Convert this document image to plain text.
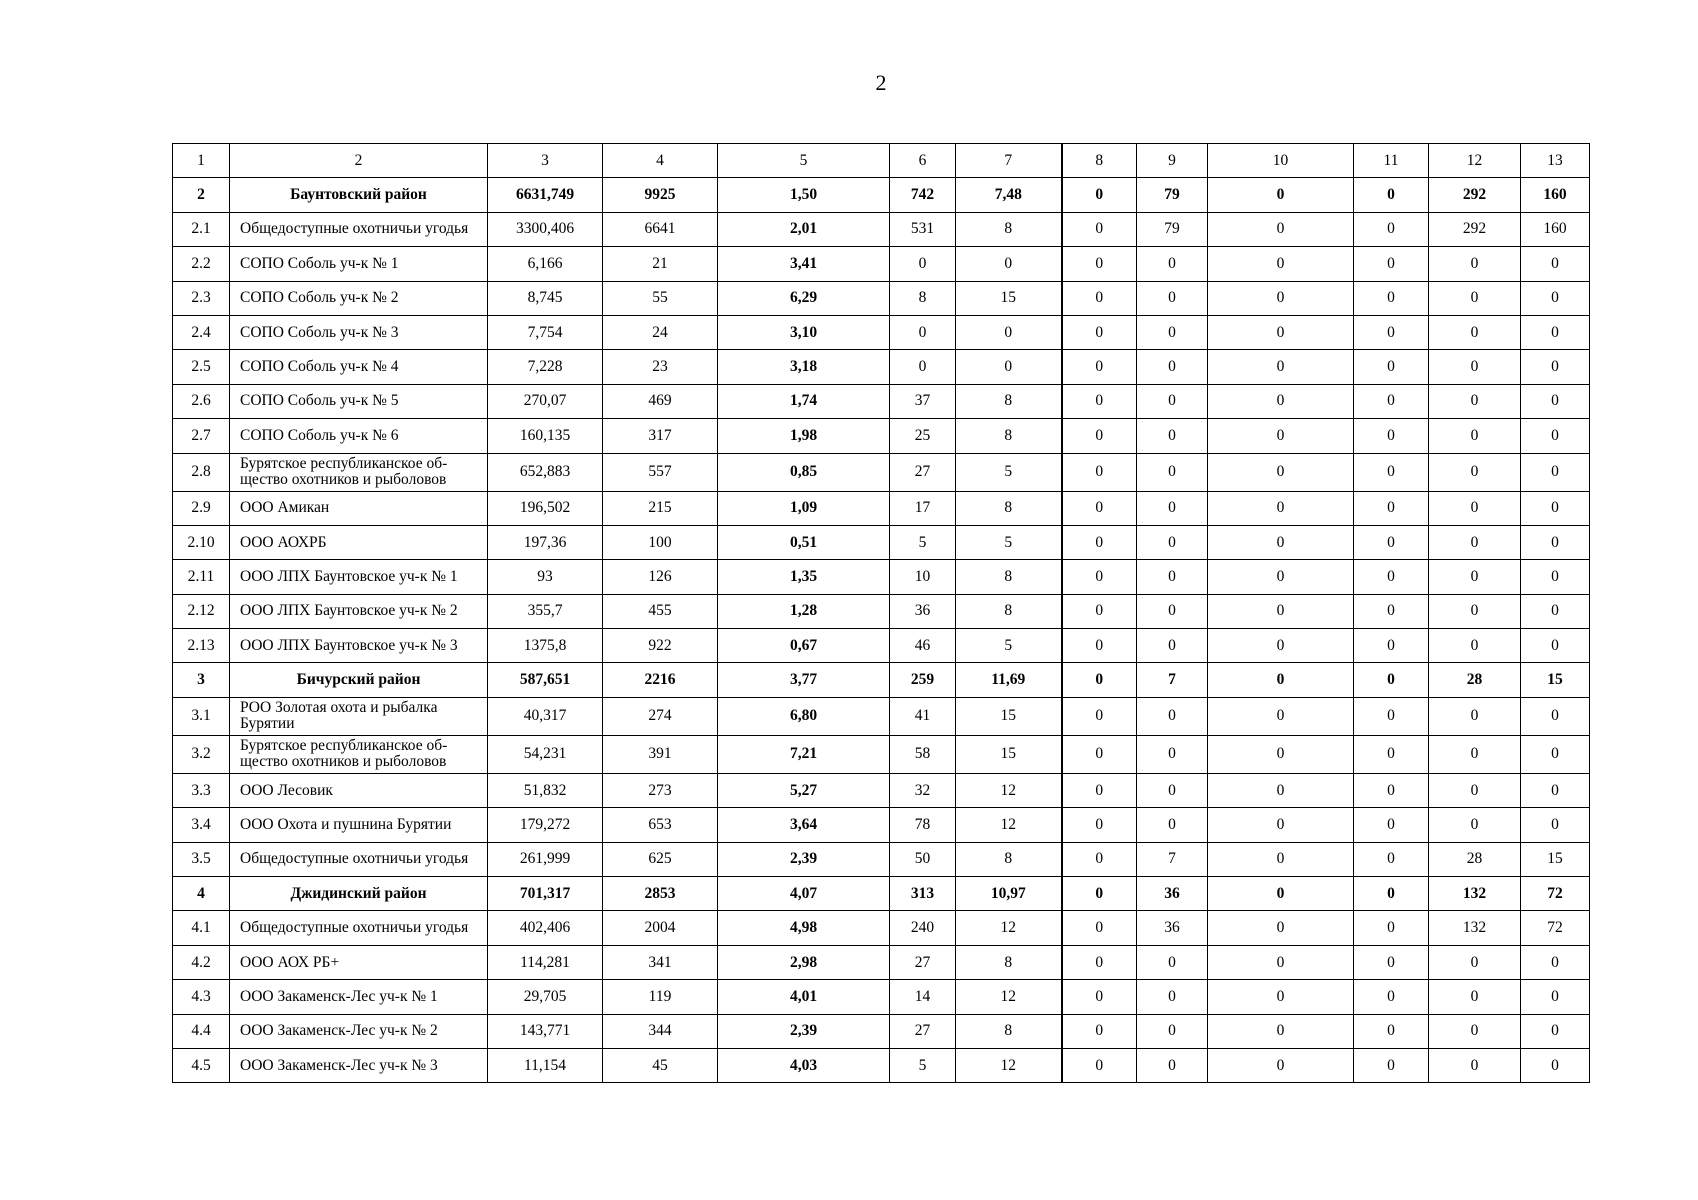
2
1	2	3	4	5	6	7	8	9	10	11	12	13
2	Баунтовский район	6631,749	9925	1,50	742	7,48	0	79	0	0	292	160
2.1	Общедоступные охотничьи угодья	3300,406	6641	2,01	531	8	0	79	0	0	292	160
2.2	СОПО Соболь уч-к № 1	6,166	21	3,41	0	0	0	0	0	0	0	0
2.3	СОПО Соболь уч-к № 2	8,745	55	6,29	8	15	0	0	0	0	0	0
2.4	СОПО Соболь уч-к № 3	7,754	24	3,10	0	0	0	0	0	0	0	0
2.5	СОПО Соболь уч-к № 4	7,228	23	3,18	0	0	0	0	0	0	0	0
2.6	СОПО Соболь уч-к № 5	270,07	469	1,74	37	8	0	0	0	0	0	0
2.7	СОПО Соболь уч-к № 6	160,135	317	1,98	25	8	0	0	0	0	0	0
2.8	Бурятское республиканское об-щество охотников и рыболовов	652,883	557	0,85	27	5	0	0	0	0	0	0
2.9	ООО Амикан	196,502	215	1,09	17	8	0	0	0	0	0	0
2.10	ООО АОХРБ	197,36	100	0,51	5	5	0	0	0	0	0	0
2.11	ООО ЛПХ Баунтовское уч-к № 1	93	126	1,35	10	8	0	0	0	0	0	0
2.12	ООО ЛПХ Баунтовское уч-к № 2	355,7	455	1,28	36	8	0	0	0	0	0	0
2.13	ООО ЛПХ Баунтовское уч-к № 3	1375,8	922	0,67	46	5	0	0	0	0	0	0
3	Бичурский район	587,651	2216	3,77	259	11,69	0	7	0	0	28	15
3.1	РОО Золотая охота и рыбалка Бурятии	40,317	274	6,80	41	15	0	0	0	0	0	0
3.2	Бурятское республиканское об-щество охотников и рыболовов	54,231	391	7,21	58	15	0	0	0	0	0	0
3.3	ООО Лесовик	51,832	273	5,27	32	12	0	0	0	0	0	0
3.4	ООО Охота и пушнина Бурятии	179,272	653	3,64	78	12	0	0	0	0	0	0
3.5	Общедоступные охотничьи угодья	261,999	625	2,39	50	8	0	7	0	0	28	15
4	Джидинский район	701,317	2853	4,07	313	10,97	0	36	0	0	132	72
4.1	Общедоступные охотничьи угодья	402,406	2004	4,98	240	12	0	36	0	0	132	72
4.2	ООО АОХ РБ+	114,281	341	2,98	27	8	0	0	0	0	0	0
4.3	ООО Закаменск-Лес уч-к № 1	29,705	119	4,01	14	12	0	0	0	0	0	0
4.4	ООО Закаменск-Лес уч-к № 2	143,771	344	2,39	27	8	0	0	0	0	0	0
4.5	ООО Закаменск-Лес уч-к № 3	11,154	45	4,03	5	12	0	0	0	0	0	0
